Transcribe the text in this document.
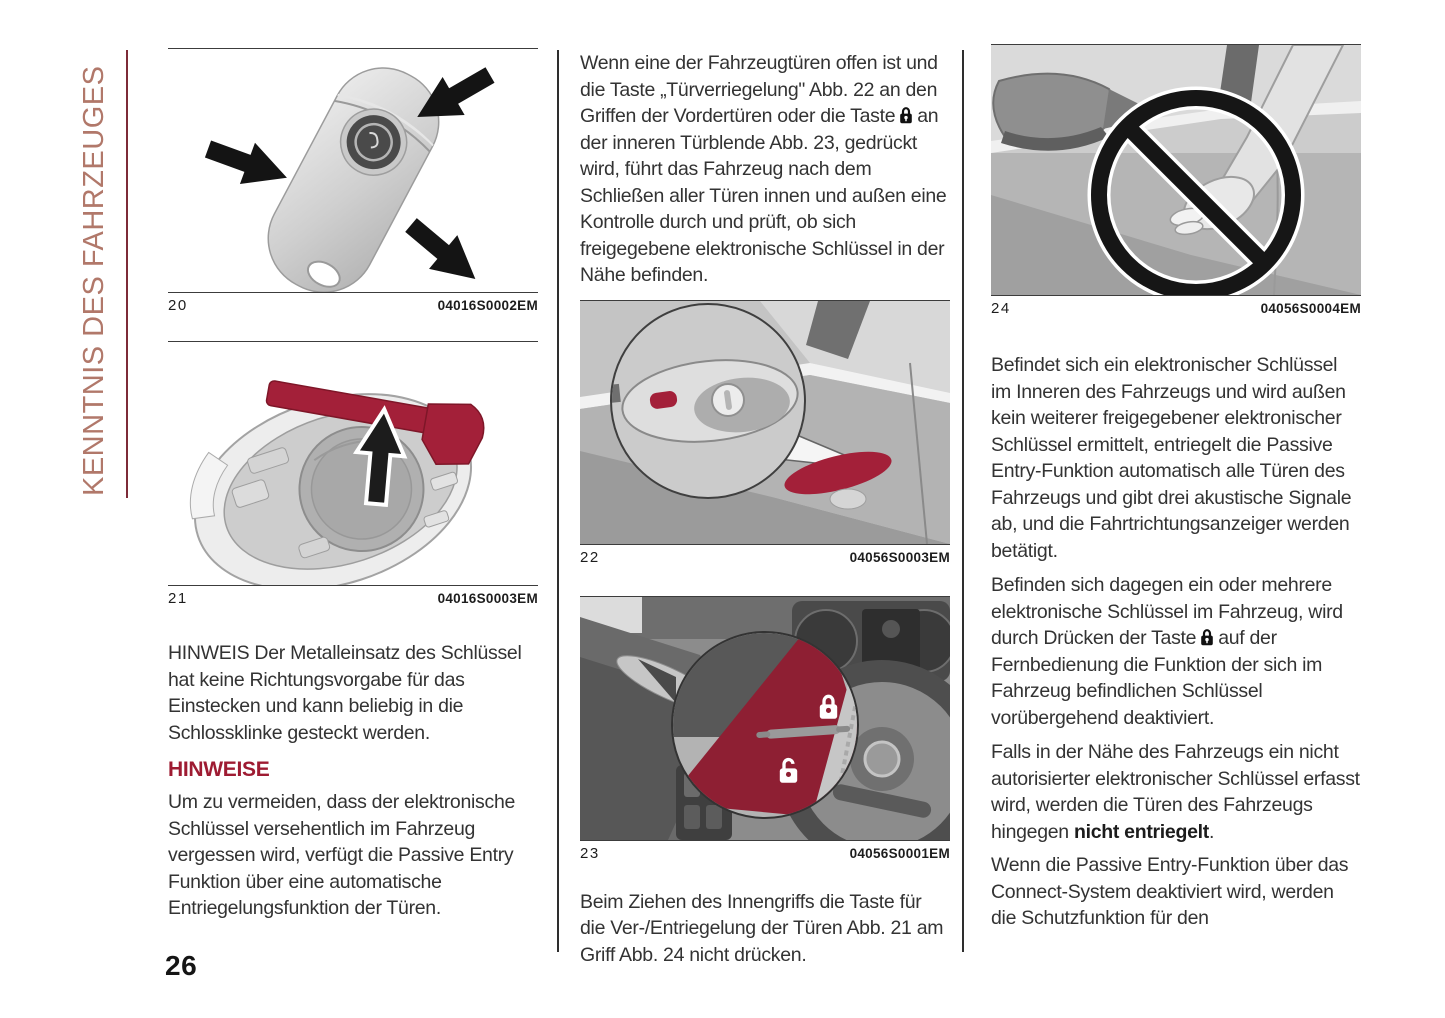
KENNTNIS DES FAHRZEUGES	20	04016S0002EM
21	04016S0003EM

HINWEIS Der Metalleinsatz des Schlüssel hat keine Richtungsvorgabe für das Einstecken und kann beliebig in die Schlossklinke gesteckt werden.

HINWEISE

Um zu vermeiden, dass der elektronische Schlüssel versehentlich im Fahrzeug vergessen wird, verfügt die Passive Entry Funktion über eine automatische Entriegelungsfunktion der Türen.

Wenn eine der Fahrzeugtüren offen ist und die Taste „Türverriegelung" Abb. 22 an den Griffen der Vordertüren oder die Taste an der inneren Türblende Abb. 23, gedrückt wird, führt das Fahrzeug nach dem Schließen aller Türen innen und außen eine Kontrolle durch und prüft, ob sich freigegebene elektronische Schlüssel in der Nähe befinden.

22	04056S0003EM
23	04056S0001EM

Beim Ziehen des Innengriffs die Taste für die Ver-/Entriegelung der Türen Abb. 21 am Griff Abb. 24 nicht drücken.

24	04056S0004EM

Befindet sich ein elektronischer Schlüssel im Inneren des Fahrzeugs und wird außen kein weiterer freigegebener elektronischer Schlüssel ermittelt, entriegelt die Passive Entry-Funktion automatisch alle Türen des Fahrzeugs und gibt drei akustische Signale ab, und die Fahrtrichtungsanzeiger werden betätigt.

Befinden sich dagegen ein oder mehrere elektronische Schlüssel im Fahrzeug, wird durch Drücken der Taste auf der Fernbedienung die Funktion der sich im Fahrzeug befindlichen Schlüssel vorübergehend deaktiviert.

Falls in der Nähe des Fahrzeugs ein nicht autorisierter elektronischer Schlüssel erfasst wird, werden die Türen des Fahrzeugs hingegen nicht entriegelt.

Wenn die Passive Entry-Funktion über das Connect-System deaktiviert wird, werden die Schutzfunktion für den

26
